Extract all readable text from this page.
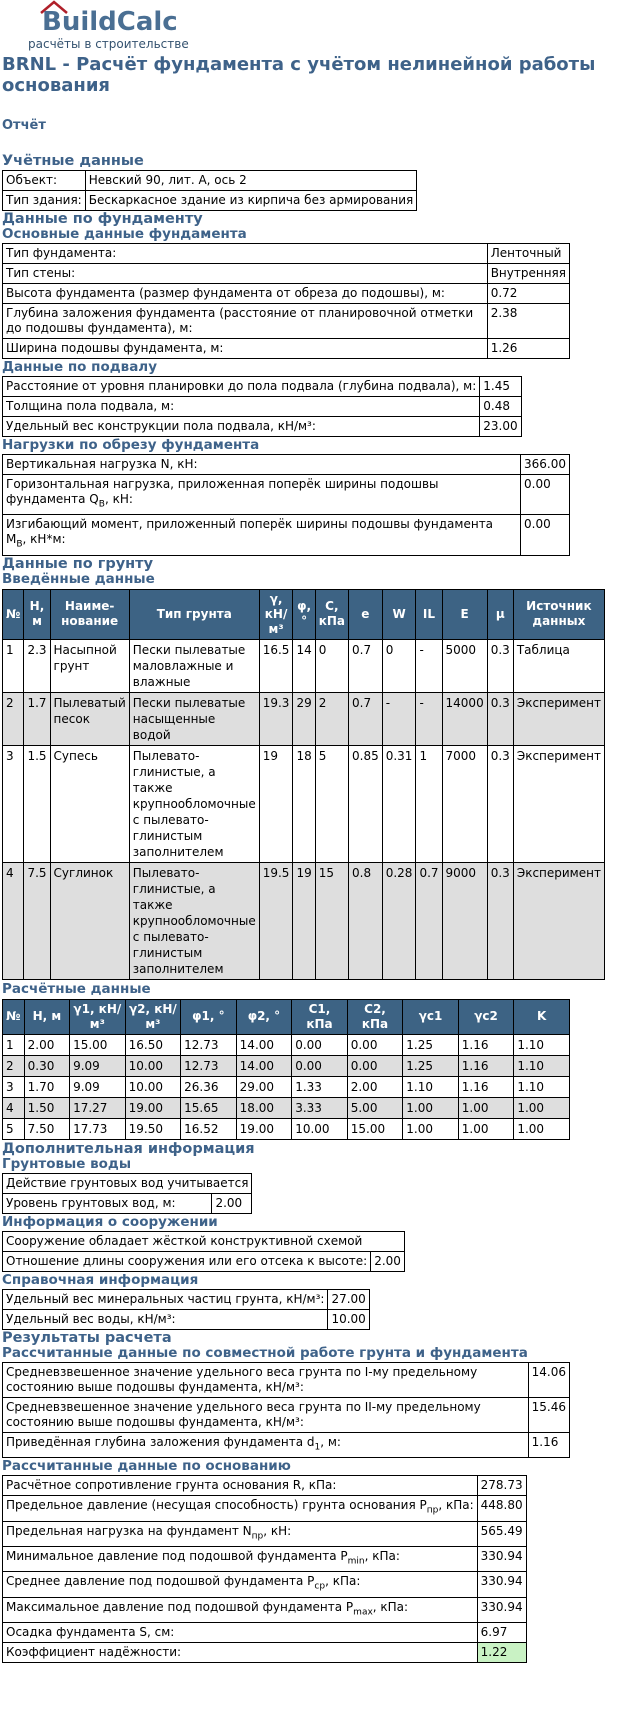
BuildCalc
расчёты в строительстве
BRNL - Расчёт фундамента с учётом нелинейной работы основания
Отчёт
Учётные данные
Объект:	Невский 90, лит. А, ось 2
Тип здания:	Бескаркасное здание из кирпича без армирования
Данные по фундаменту
Основные данные фундамента
Тип фундамента:	Ленточный
Тип стены:	Внутренняя
Высота фундамента (размер фундамента от обреза до подошвы), м:	0.72
Глубина заложения фундамента (расстояние от планировочной отметки до подошвы фундамента), м:	2.38
Ширина подошвы фундамента, м:	1.26
Данные по подвалу
Расстояние от уровня планировки до пола подвала (глубина подвала), м:	1.45
Толщина пола подвала, м:	0.48
Удельный вес конструкции пола подвала, кН/м³:	23.00
Нагрузки по обрезу фундамента
Вертикальная нагрузка N, кН:	366.00
Горизонтальная нагрузка, приложенная поперёк ширины подошвы фундамента $Q_B$, кН:	0.00
Изгибающий момент, приложенный поперёк ширины подошвы фундамента $M_B$, кН*м:	0.00
Данные по грунту
Введённые данные
№	H, м	Наиме-нование	Тип грунта	γ, кН/м³	φ, °	C, кПа	e	W	IL	E	μ	Источник данных
1	2.3	Насыпной грунт	Пески пылеватые маловлажные и влажные	16.5	14	0	0.7	0	-	5000	0.3	Таблица
2	1.7	Пылеватый песок	Пески пылеватые насыщенные водой	19.3	29	2	0.7	-	-	14000	0.3	Эксперимент
3	1.5	Супесь	Пылевато-глинистые, а также крупнообломочные с пылевато-глинистым заполнителем	19	18	5	0.85	0.31	1	7000	0.3	Эксперимент
4	7.5	Суглинок	Пылевато-глинистые, а также крупнообломочные с пылевато-глинистым заполнителем	19.5	19	15	0.8	0.28	0.7	9000	0.3	Эксперимент
Расчётные данные
№	H, м	γ1, кН/м³	γ2, кН/м³	φ1, °	φ2, °	C1, кПа	C2, кПа	γc1	γc2	K
1	2.00	15.00	16.50	12.73	14.00	0.00	0.00	1.25	1.16	1.10
2	0.30	9.09	10.00	12.73	14.00	0.00	0.00	1.25	1.16	1.10
3	1.70	9.09	10.00	26.36	29.00	1.33	2.00	1.10	1.16	1.10
4	1.50	17.27	19.00	15.65	18.00	3.33	5.00	1.00	1.00	1.00
5	7.50	17.73	19.50	16.52	19.00	10.00	15.00	1.00	1.00	1.00
Дополнительная информация
Грунтовые воды
Действие грунтовых вод учитывается
Уровень грунтовых вод, м:	2.00
Информация о сооружении
Сооружение обладает жёсткой конструктивной схемой
Отношение длины сооружения или его отсека к высоте:	2.00
Справочная информация
Удельный вес минеральных частиц грунта, кН/м³:	27.00
Удельный вес воды, кН/м³:	10.00
Результаты расчета
Рассчитанные данные по совместной работе грунта и фундамента
Средневзвешенное значение удельного веса грунта по I-му предельному состоянию выше подошвы фундамента, кН/м³:	14.06
Средневзвешенное значение удельного веса грунта по II-му предельному состоянию выше подошвы фундамента, кН/м³:	15.46
Приведённая глубина заложения фундамента $d_1$, м:	1.16
Рассчитанные данные по основанию
Расчётное сопротивление грунта основания R, кПа:	278.73
Предельное давление (несущая способность) грунта основания $P_{пр}$, кПа:	448.80
Предельная нагрузка на фундамент $N_{пр}$, кН:	565.49
Минимальное давление под подошвой фундамента $P_{min}$, кПа:	330.94
Среднее давление под подошвой фундамента $P_{ср}$, кПа:	330.94
Максимальное давление под подошвой фундамента $P_{max}$, кПа:	330.94
Осадка фундамента S, см:	6.97
Коэффициент надёжности:	1.22
